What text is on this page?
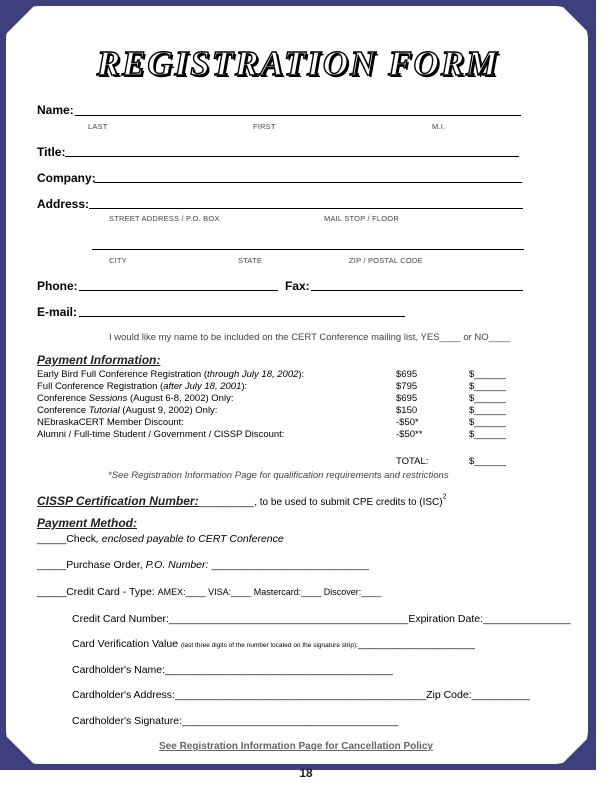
REGISTRATION FORM
Name:
LAST	FIRST	M.I.
Title:
Company:
Address:
STREET ADDRESS / P.O. BOX	MAIL STOP / FLOOR
CITY	STATE	ZIP / POSTAL CODE
Phone:	Fax:
E-mail:
I would like my name to be included on the CERT Conference mailing list, YES____ or NO____
Payment Information:
Early Bird Full Conference Registration (through July 18, 2002):	$695	$______
Full Conference Registration (after July 18, 2001):	$795	$______
Conference Sessions (August 6-8, 2002) Only:	$695	$______
Conference Tutorial (August 9, 2002) Only:	$150	$______
NEbraskaCERT Member Discount:	-$50*	$______
Alumni / Full-time Student / Government / CISSP Discount:	-$50**	$______
TOTAL:	$______
*See Registration Information Page for qualification requirements and restrictions
CISSP Certification Number:__________, to be used to submit CPE credits to (ISC)$^2$
Payment Method:
_____Check, enclosed payable to CERT Conference
_____Purchase Order, P.O. Number: ___________________________
_____Credit Card - Type: AMEX:____ VISA:____ Mastercard:____ Discover:____
Credit Card Number:_________________________________________Expiration Date:_______________
Card Verification Value (last three digits of the number located on the signature strip):____________________
Cardholder's Name:_______________________________________
Cardholder's Address:___________________________________________Zip Code:__________
Cardholder's Signature:_____________________________________
See Registration Information Page for Cancellation Policy
18
